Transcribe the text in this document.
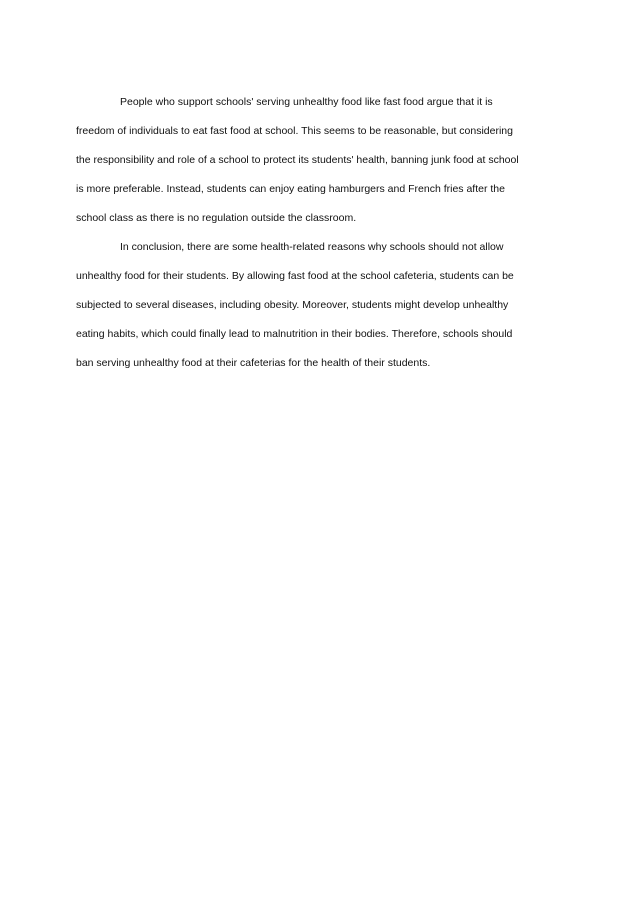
People who support schools' serving unhealthy food like fast food argue that it is
freedom of individuals to eat fast food at school. This seems to be reasonable, but considering
the responsibility and role of a school to protect its students' health, banning junk food at school
is more preferable. Instead, students can enjoy eating hamburgers and French fries after the
school class as there is no regulation outside the classroom.
In conclusion, there are some health-related reasons why schools should not allow
unhealthy food for their students. By allowing fast food at the school cafeteria, students can be
subjected to several diseases, including obesity. Moreover, students might develop unhealthy
eating habits, which could finally lead to malnutrition in their bodies. Therefore, schools should
ban serving unhealthy food at their cafeterias for the health of their students.
